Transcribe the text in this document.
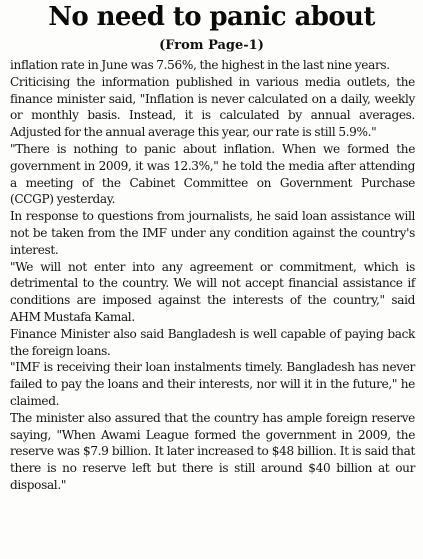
No need to panic about
(From Page-1)

inflation rate in June was 7.56%, the highest in the last nine years.

Criticising the information published in various media outlets, the finance minister said, "Inflation is never calculated on a daily, weekly or monthly basis. Instead, it is calculated by annual averages. Adjusted for the annual average this year, our rate is still 5.9%."

"There is nothing to panic about inflation. When we formed the government in 2009, it was 12.3%," he told the media after attending a meeting of the Cabinet Committee on Government Purchase (CCGP) yesterday.

In response to questions from journalists, he said loan assistance will not be taken from the IMF under any condition against the country's interest.

"We will not enter into any agreement or commitment, which is detrimental to the country. We will not accept financial assistance if conditions are imposed against the interests of the country," said AHM Mustafa Kamal.

Finance Minister also said Bangladesh is well capable of paying back the foreign loans.

"IMF is receiving their loan instalments timely. Bangladesh has never failed to pay the loans and their interests, nor will it in the future," he claimed.

The minister also assured that the country has ample foreign reserve saying, "When Awami League formed the government in 2009, the reserve was $7.9 billion. It later increased to $48 billion. It is said that there is no reserve left but there is still around $40 billion at our disposal."
